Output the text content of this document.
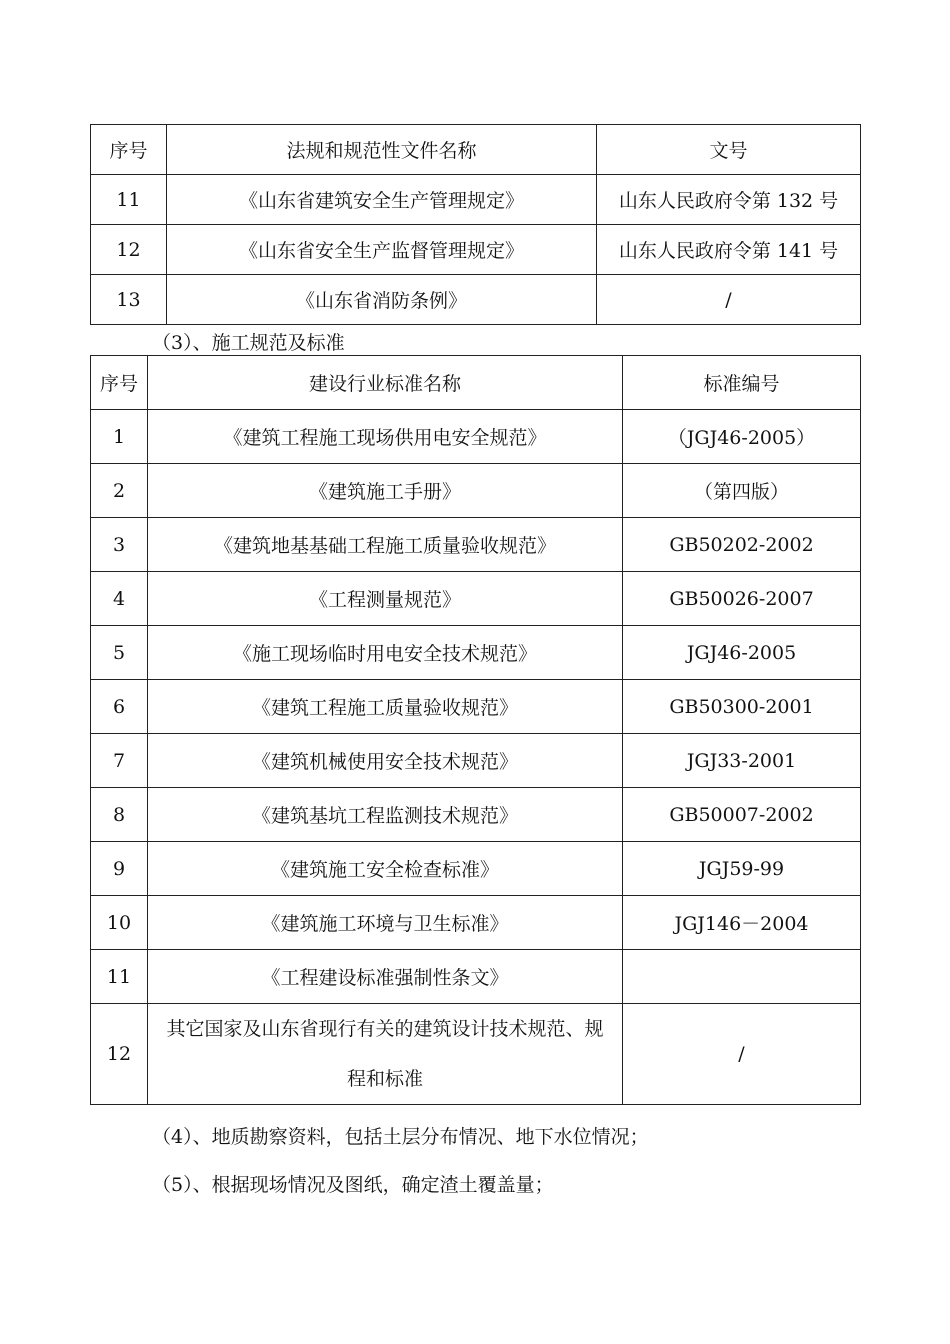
序号	法规和规范性文件名称	文号
11	《山东省建筑安全生产管理规定》	山东人民政府令第 132 号
12	《山东省安全生产监督管理规定》	山东人民政府令第 141 号
13	《山东省消防条例》	/
（3）、施工规范及标准
序号	建设行业标准名称	标准编号
1	《建筑工程施工现场供用电安全规范》	（JGJ46-2005）
2	《建筑施工手册》	（第四版）
3	《建筑地基基础工程施工质量验收规范》	GB50202-2002
4	《工程测量规范》	GB50026-2007
5	《施工现场临时用电安全技术规范》	JGJ46-2005
6	《建筑工程施工质量验收规范》	GB50300-2001
7	《建筑机械使用安全技术规范》	JGJ33-2001
8	《建筑基坑工程监测技术规范》	GB50007-2002
9	《建筑施工安全检查标准》	JGJ59-99
10	《建筑施工环境与卫生标准》	JGJ146－2004
11	《工程建设标准强制性条文》	
12	其它国家及山东省现行有关的建筑设计技术规范、规程和标准	/
（4）、地质勘察资料，包括土层分布情况、地下水位情况；
（5）、根据现场情况及图纸，确定渣土覆盖量；
